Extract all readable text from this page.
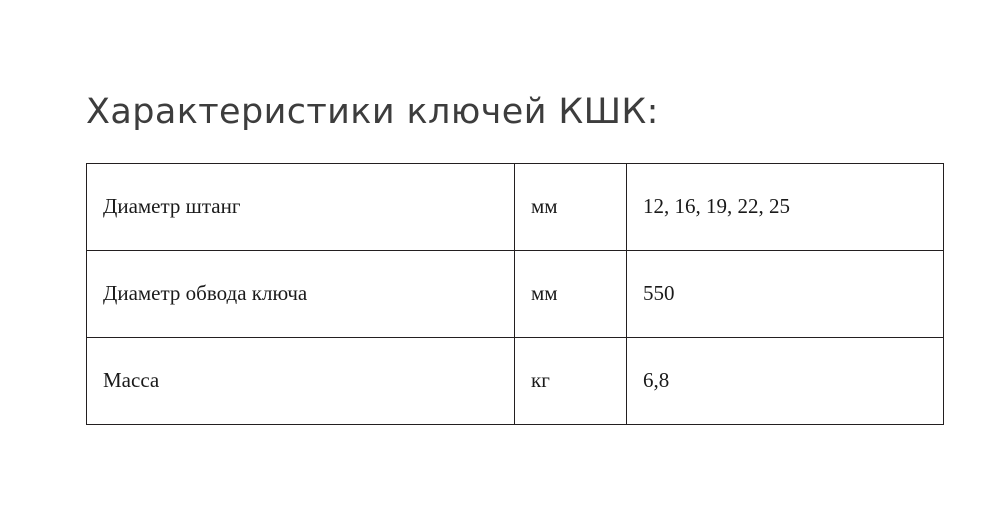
Характеристики ключей КШК:
Диаметр штанг	мм	12, 16, 19, 22, 25
Диаметр обвода ключа	мм	550
Масса	кг	6,8
